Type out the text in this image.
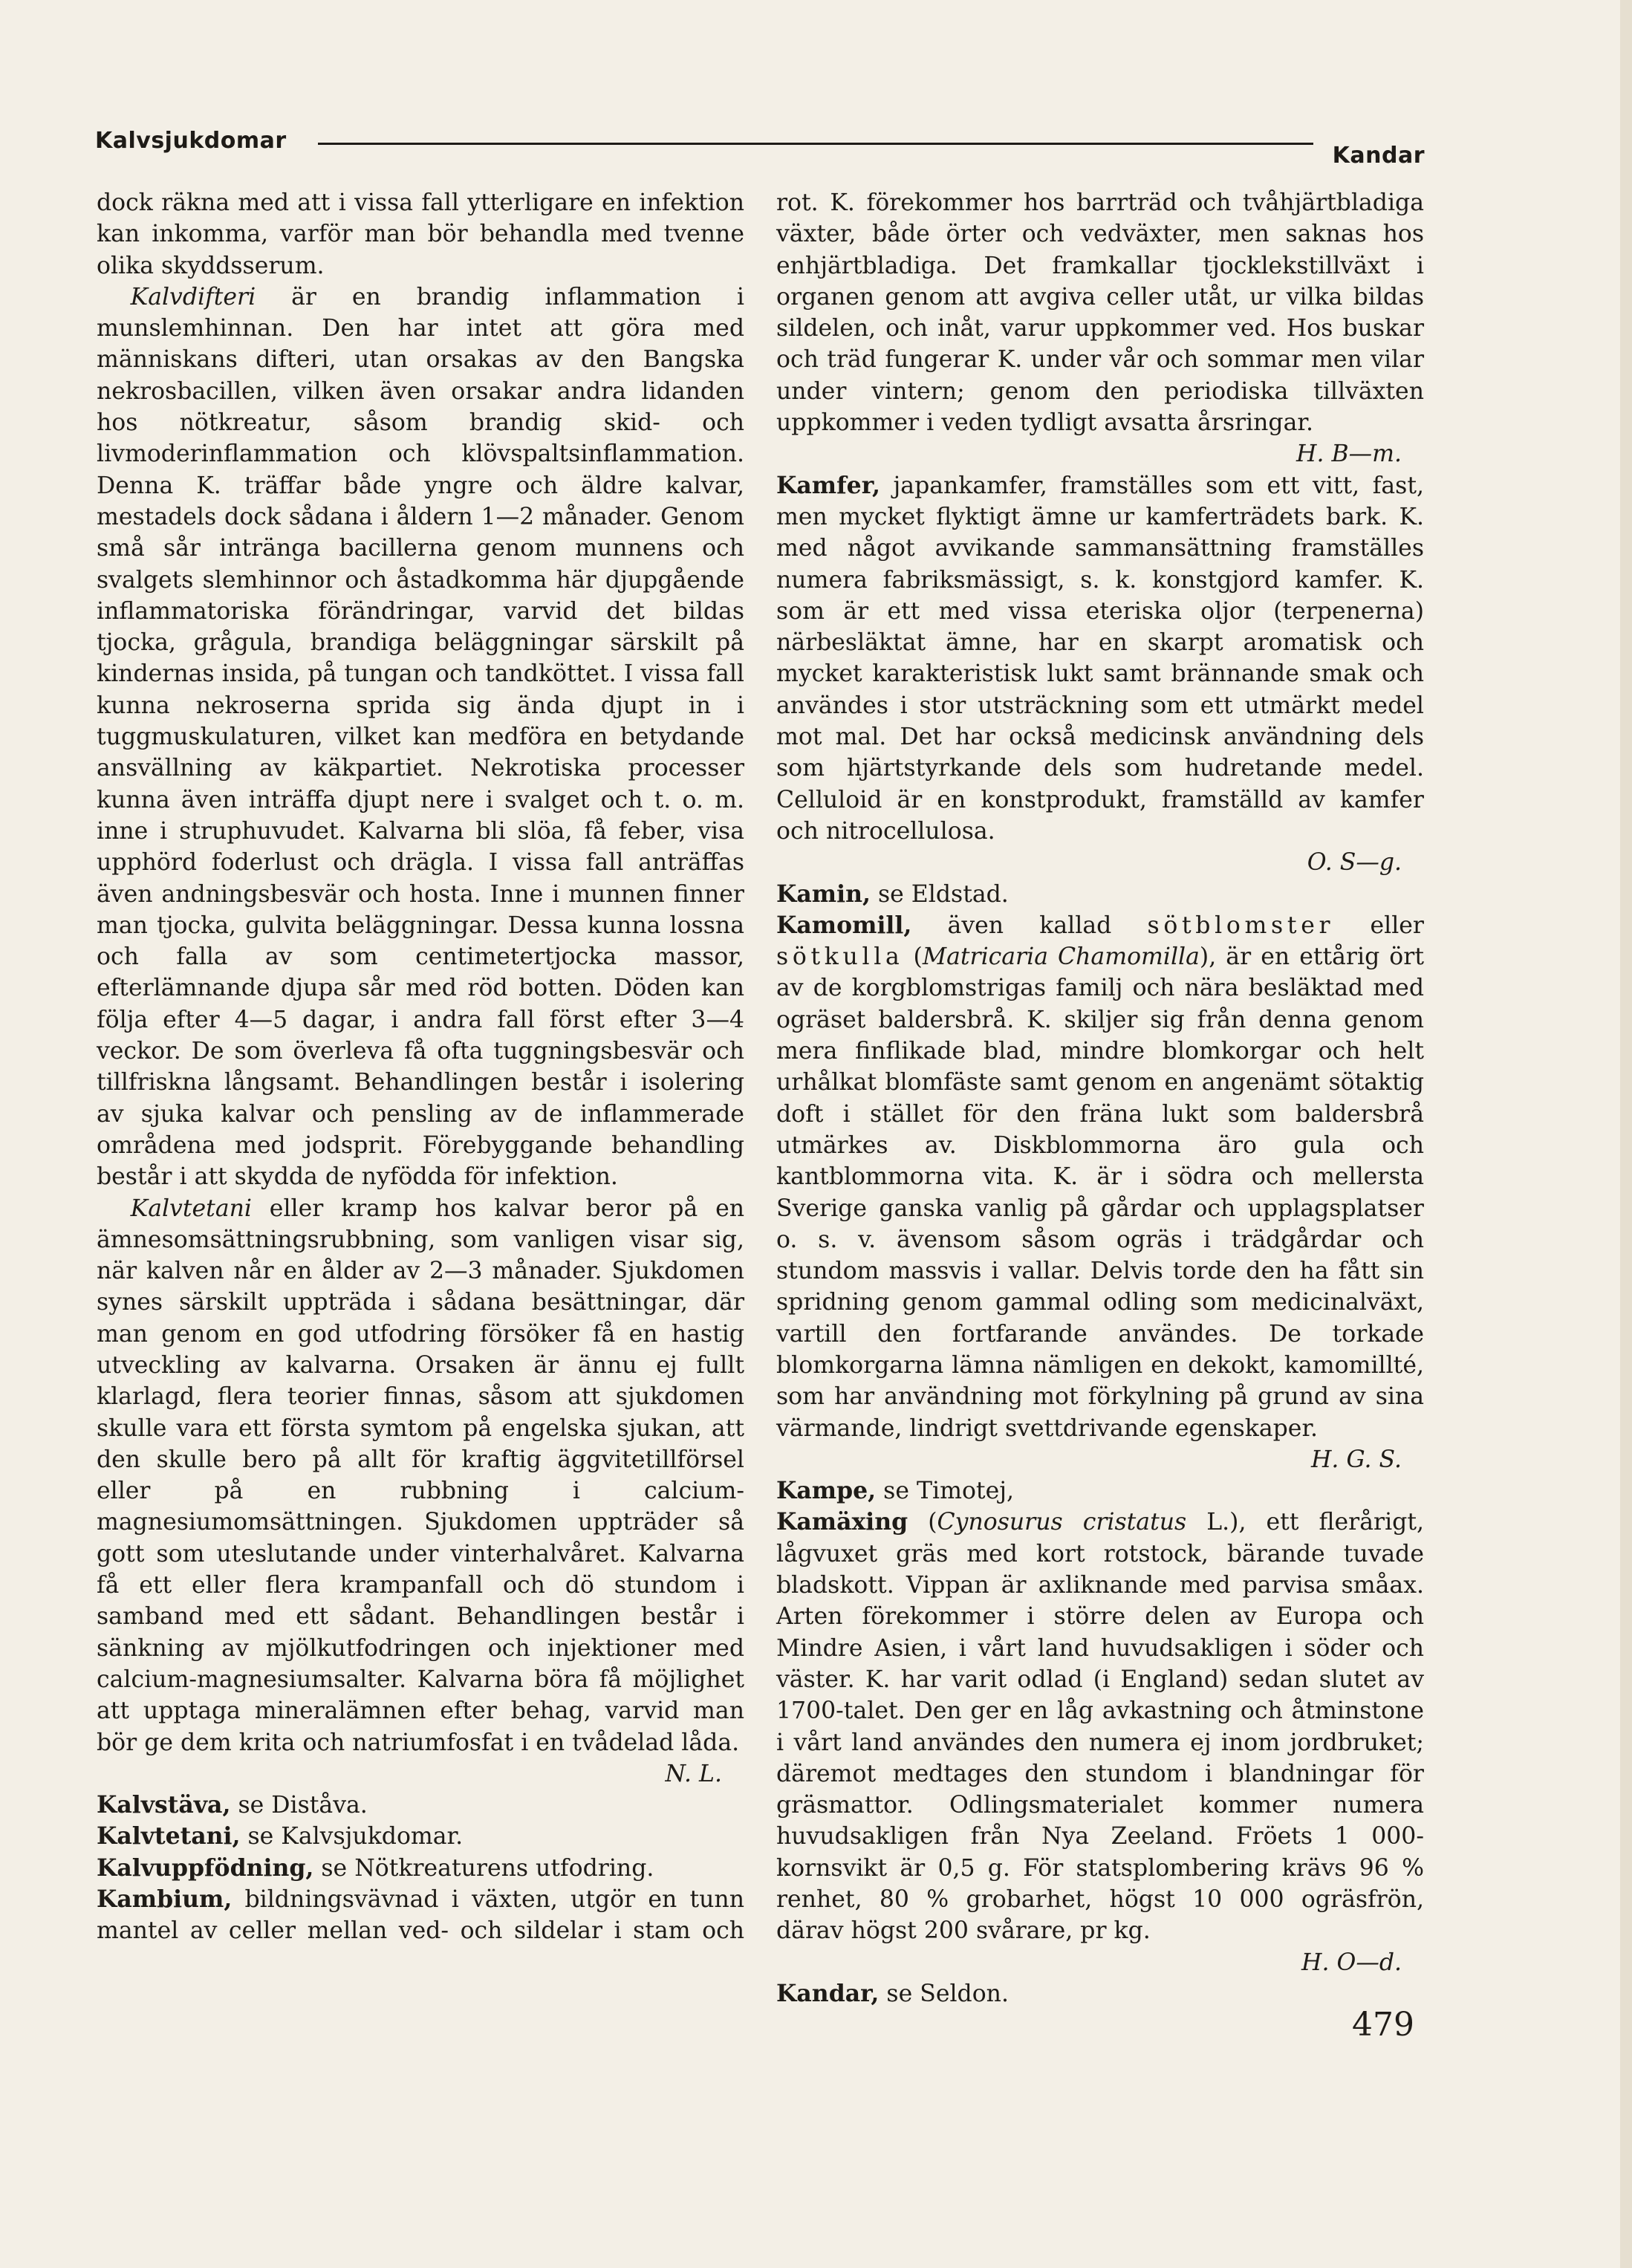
Kalvsjukdomar
Kandar

dock räkna med att i vissa fall ytterligare en infektion kan inkomma, varför man bör behandla med tvenne olika skyddsserum.

Kalvdifteri är en brandig inflammation i munslemhinnan. Den har intet att göra med människans difteri, utan orsakas av den Bangska nekrosbacillen, vilken även orsakar andra lidanden hos nötkreatur, såsom brandig skid- och livmoderinflammation och klövspaltsinflammation. Denna K. träffar både yngre och äldre kalvar, mestadels dock sådana i åldern 1—2 månader. Genom små sår intränga bacillerna genom munnens och svalgets slemhinnor och åstadkomma här djupgående inflammatoriska förändringar, varvid det bildas tjocka, grågula, brandiga beläggningar särskilt på kindernas insida, på tungan och tandköttet. I vissa fall kunna nekroserna sprida sig ända djupt in i tuggmuskulaturen, vilket kan medföra en betydande ansvällning av käkpartiet. Nekrotiska processer kunna även inträffa djupt nere i svalget och t. o. m. inne i struphuvudet. Kalvarna bli slöa, få feber, visa upphörd foderlust och drägla. I vissa fall anträffas även andningsbesvär och hosta. Inne i munnen finner man tjocka, gulvita beläggningar. Dessa kunna lossna och falla av som centimetertjocka massor, efterlämnande djupa sår med röd botten. Döden kan följa efter 4—5 dagar, i andra fall först efter 3—4 veckor. De som överleva få ofta tuggningsbesvär och tillfriskna långsamt. Behandlingen består i isolering av sjuka kalvar och pensling av de inflammerade områdena med jodsprit. Förebyggande behandling består i att skydda de nyfödda för infektion.

Kalvtetani eller kramp hos kalvar beror på en ämnesomsättningsrubbning, som vanligen visar sig, när kalven når en ålder av 2—3 månader. Sjukdomen synes särskilt uppträda i sådana besättningar, där man genom en god utfodring försöker få en hastig utveckling av kalvarna. Orsaken är ännu ej fullt klarlagd, flera teorier finnas, såsom att sjukdomen skulle vara ett första symtom på engelska sjukan, att den skulle bero på allt för kraftig äggvitetillförsel eller på en rubbning i calcium-magnesiumomsättningen. Sjukdomen uppträder så gott som uteslutande under vinterhalvåret. Kalvarna få ett eller flera krampanfall och dö stundom i samband med ett sådant. Behandlingen består i sänkning av mjölkutfodringen och injektioner med calcium-magnesiumsalter. Kalvarna böra få möjlighet att upptaga mineralämnen efter behag, varvid man bör ge dem krita och natriumfosfat i en tvådelad låda.
N. L.

Kalvstäva, se Diståva.

Kalvtetani, se Kalvsjukdomar.

Kalvuppfödning, se Nötkreaturens utfodring.

Kambium, bildningsvävnad i växten, utgör en tunn mantel av celler mellan ved- och sildelar i stam och

rot. K. förekommer hos barrträd och tvåhjärtbladiga växter, både örter och vedväxter, men saknas hos enhjärtbladiga. Det framkallar tjocklekstillväxt i organen genom att avgiva celler utåt, ur vilka bildas sildelen, och inåt, varur uppkommer ved. Hos buskar och träd fungerar K. under vår och sommar men vilar under vintern; genom den periodiska tillväxten uppkommer i veden tydligt avsatta årsringar.
H. B—m.

Kamfer, japankamfer, framställes som ett vitt, fast, men mycket flyktigt ämne ur kamferträdets bark. K. med något avvikande sammansättning framställes numera fabriksmässigt, s. k. konstgjord kamfer. K. som är ett med vissa eteriska oljor (terpenerna) närbesläktat ämne, har en skarpt aromatisk och mycket karakteristisk lukt samt brännande smak och användes i stor utsträckning som ett utmärkt medel mot mal. Det har också medicinsk användning dels som hjärtstyrkande dels som hudretande medel. Celluloid är en konstprodukt, framställd av kamfer och nitrocellulosa.
O. S—g.

Kamin, se Eldstad.

Kamomill, även kallad sötblomster eller sötkulla (Matricaria Chamomilla), är en ettårig ört av de korgblomstrigas familj och nära besläktad med ogräset baldersbrå. K. skiljer sig från denna genom mera finflikade blad, mindre blomkorgar och helt urhålkat blomfäste samt genom en angenämt sötaktig doft i stället för den fräna lukt som baldersbrå utmärkes av. Diskblommorna äro gula och kantblommorna vita. K. är i södra och mellersta Sverige ganska vanlig på gårdar och upplagsplatser o. s. v. ävensom såsom ogräs i trädgårdar och stundom massvis i vallar. Delvis torde den ha fått sin spridning genom gammal odling som medicinalväxt, vartill den fortfarande användes. De torkade blomkorgarna lämna nämligen en dekokt, kamomillté, som har användning mot förkylning på grund av sina värmande, lindrigt svettdrivande egenskaper.
H. G. S.

Kampe, se Timotej,

Kamäxing (Cynosurus cristatus L.), ett flerårigt, lågvuxet gräs med kort rotstock, bärande tuvade bladskott. Vippan är axliknande med parvisa småax. Arten förekommer i större delen av Europa och Mindre Asien, i vårt land huvudsakligen i söder och väster. K. har varit odlad (i England) sedan slutet av 1700-talet. Den ger en låg avkastning och åtminstone i vårt land användes den numera ej inom jordbruket; däremot medtages den stundom i blandningar för gräsmattor. Odlingsmaterialet kommer numera huvudsakligen från Nya Zeeland. Fröets 1 000-kornsvikt är 0,5 g. För statsplombering krävs 96 % renhet, 80 % grobarhet, högst 10 000 ogräsfrön, därav högst 200 svårare, pr kg.
H. O—d.

Kandar, se Seldon.

479
